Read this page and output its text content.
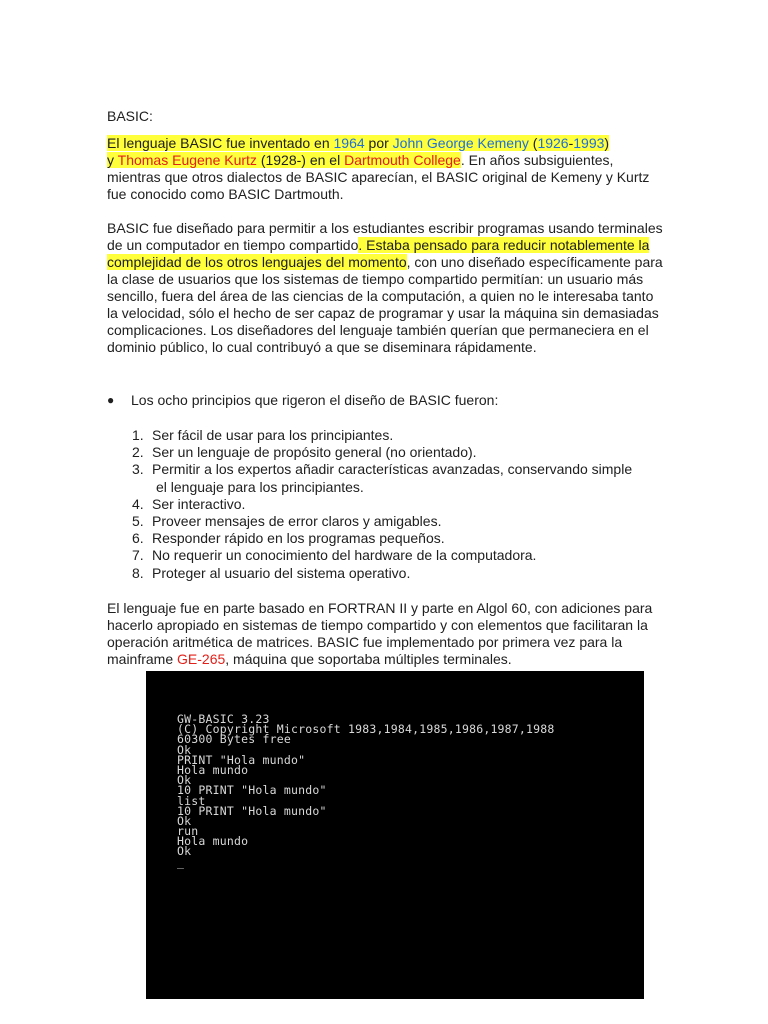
BASIC:

El lenguaje BASIC fue inventado en 1964 por John George Kemeny (1926-1993)
y Thomas Eugene Kurtz (1928-) en el Dartmouth College. En años subsiguientes, mientras que otros dialectos de BASIC aparecían, el BASIC original de Kemeny y Kurtz fue conocido como BASIC Dartmouth.

BASIC fue diseñado para permitir a los estudiantes escribir programas usando terminales de un computador en tiempo compartido. Estaba pensado para reducir notablemente la complejidad de los otros lenguajes del momento, con uno diseñado específicamente para la clase de usuarios que los sistemas de tiempo compartido permitían: un usuario más sencillo, fuera del área de las ciencias de la computación, a quien no le interesaba tanto la velocidad, sólo el hecho de ser capaz de programar y usar la máquina sin demasiadas complicaciones. Los diseñadores del lenguaje también querían que permaneciera en el dominio público, lo cual contribuyó a que se diseminara rápidamente.

● Los ocho principios que rigeron el diseño de BASIC fueron:
1. Ser fácil de usar para los principiantes.
2. Ser un lenguaje de propósito general (no orientado).
3. Permitir a los expertos añadir características avanzadas, conservando simple
el lenguaje para los principiantes.
4. Ser interactivo.
5. Proveer mensajes de error claros y amigables.
6. Responder rápido en los programas pequeños.
7. No requerir un conocimiento del hardware de la computadora.
8. Proteger al usuario del sistema operativo.

El lenguaje fue en parte basado en FORTRAN II y parte en Algol 60, con adiciones para hacerlo apropiado en sistemas de tiempo compartido y con elementos que facilitaran la operación aritmética de matrices. BASIC fue implementado por primera vez para la mainframe GE-265, máquina que soportaba múltiples terminales.

GW-BASIC 3.23
(C) Copyright Microsoft 1983,1984,1985,1986,1987,1988
60300 Bytes free
Ok
PRINT "Hola mundo"
Hola mundo
Ok
10 PRINT "Hola mundo"
list
10 PRINT "Hola mundo"
Ok
run
Hola mundo
Ok
_
